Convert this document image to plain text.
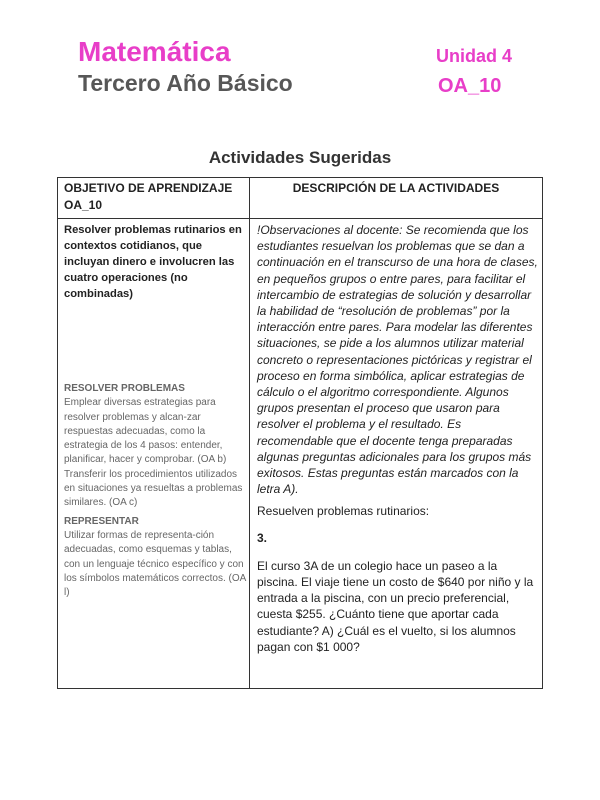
Matemática
Tercero Año Básico
Unidad 4
OA_10
Actividades Sugeridas
OBJETIVO DE APRENDIZAJE OA_10
DESCRIPCIÓN DE LA ACTIVIDADES
Resolver problemas rutinarios en contextos cotidianos, que incluyan dinero e involucren las cuatro operaciones (no combinadas)
RESOLVER PROBLEMAS
Emplear diversas estrategias para resolver problemas y alcan-zar respuestas adecuadas, como la estrategia de los 4 pasos: entender, planificar, hacer y comprobar. (OA b) Transferir los procedimientos utilizados en situaciones ya resueltas a problemas similares. (OA c)
REPRESENTAR
Utilizar formas de representa-ción adecuadas, como esquemas y tablas, con un lenguaje técnico específico y con los símbolos matemáticos correctos. (OA l)

!Observaciones al docente: Se recomienda que los estudiantes resuelvan los problemas que se dan a continuación en el transcurso de una hora de clases, en pequeños grupos o entre pares, para facilitar el intercambio de estrategias de solución y desarrollar la habilidad de “resolución de problemas” por la interacción entre pares. Para modelar las diferentes situaciones, se pide a los alumnos utilizar material concreto o representaciones pictóricas y registrar el proceso en forma simbólica, aplicar estrategias de cálculo o el algoritmo correspondiente. Algunos grupos presentan el proceso que usaron para resolver el problema y el resultado. Es recomendable que el docente tenga preparadas algunas preguntas adicionales para los grupos más exitosos. Estas preguntas están marcados con la letra A).

Resuelven problemas rutinarios:

3.

El curso 3A de un colegio hace un paseo a la piscina. El viaje tiene un costo de $640 por niño y la entrada a la piscina, con un precio preferencial, cuesta $255. ¿Cuánto tiene que aportar cada estudiante? A) ¿Cuál es el vuelto, si los alumnos pagan con $1 000?
